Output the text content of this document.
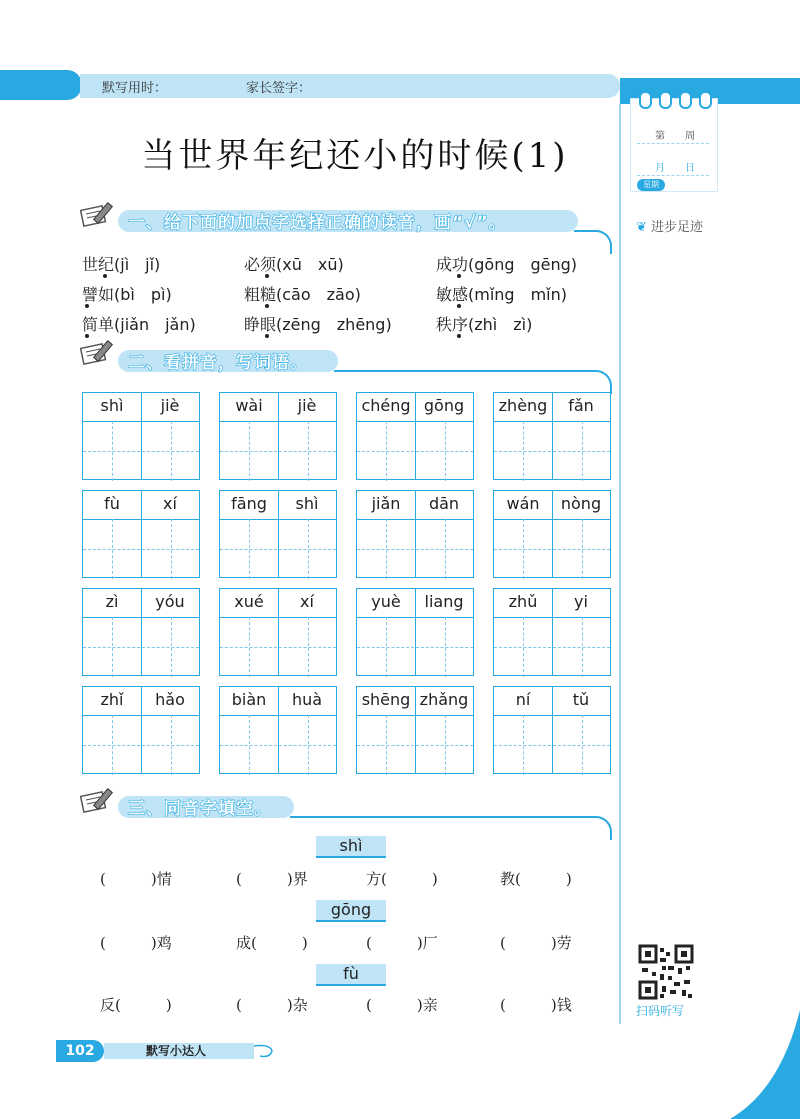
默写用时：	家长签字：
第　　周
月　　日
星期
❦ 进步足迹
当世界年纪还小的时候(1)
一、给下面的加点字选择正确的读音，画“√”。
世纪(jì　jǐ)	必须(xū　xū)	成功(gōng　gēng)
譬如(bì　pì)	粗糙(cāo　zāo)	敏感(mǐng　mǐn)
简单(jiǎn　jǎn)	睁眼(zēng　zhēng)	秩序(zhì　zì)
二、看拼音，写词语。
shì	jiè	wài	jiè	chéng gōng	zhèng	fǎn
fù	xí	fāng	shì	jiǎn	dān	wán	nòng
zì	yóu	xué	xí	yuè	liang	zhǔ	yi
zhǐ	hǎo	biàn	huà	shēng zhǎng	ní	tǔ
三、同音字填空。
shì
(　　　)情	(　　　)界	方(　　　)	教(　　　)
gōng
(　　　)鸡	成(　　　)	(　　　)厂	(　　　)劳
fù
反(　　　)	(　　　)杂	(　　　)亲	(　　　)钱
102	默写小达人
扫码听写
